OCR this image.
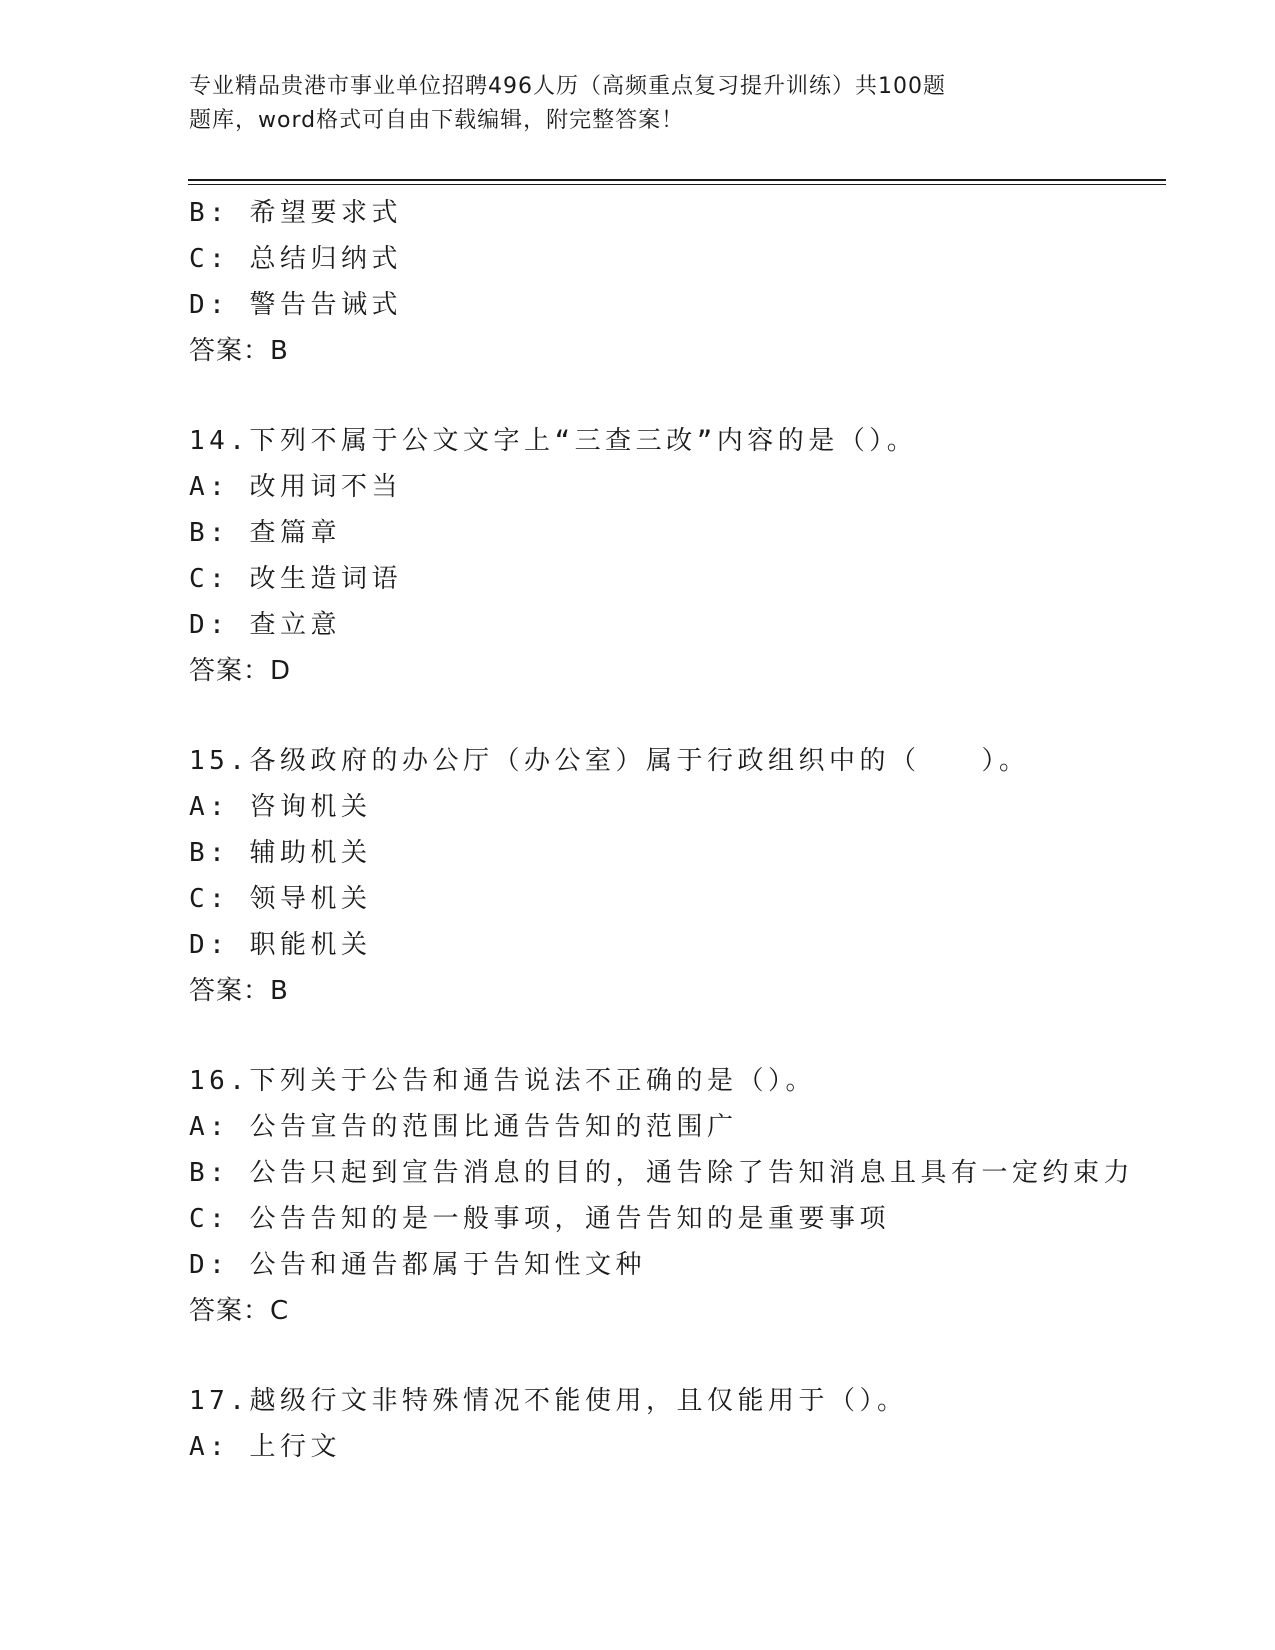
专业精品贵港市事业单位招聘496人历（高频重点复习提升训练）共100题
题库，word格式可自由下载编辑，附完整答案！
B: 希望要求式
C: 总结归纳式
D: 警告告诫式
答案：B
14.下列不属于公文文字上“三查三改”内容的是（）。
A: 改用词不当
B: 查篇章
C: 改生造词语
D: 查立意
答案：D
15.各级政府的办公厅（办公室）属于行政组织中的（　　）。
A: 咨询机关
B: 辅助机关
C: 领导机关
D: 职能机关
答案：B
16.下列关于公告和通告说法不正确的是（）。
A: 公告宣告的范围比通告告知的范围广
B: 公告只起到宣告消息的目的，通告除了告知消息且具有一定约束力
C: 公告告知的是一般事项，通告告知的是重要事项
D: 公告和通告都属于告知性文种
答案：C
17.越级行文非特殊情况不能使用，且仅能用于（）。
A: 上行文
